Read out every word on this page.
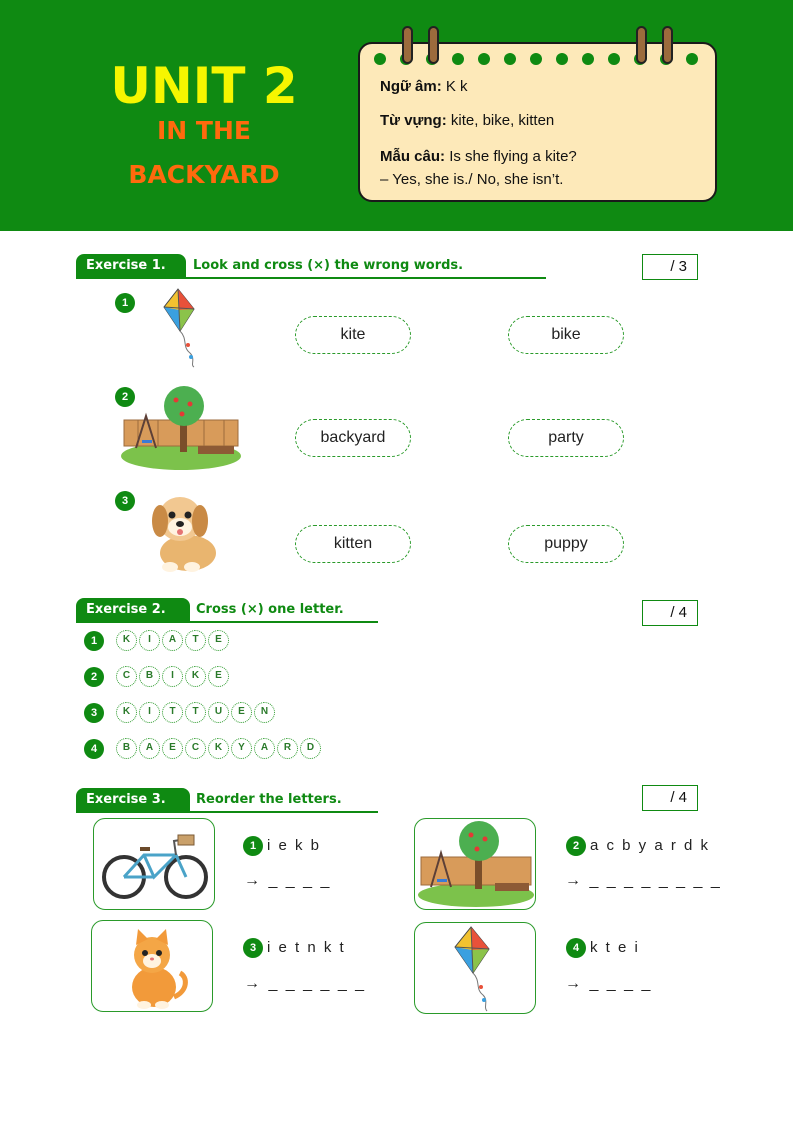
UNIT 2
IN THE
BACKYARD
Ngữ âm: K k
Từ vựng: kite, bike, kitten
Mẫu câu: Is she flying a kite?
– Yes, she is./ No, she isn’t.
Exercise 1.	Look and cross (×) the wrong words.	/ 3
1
kite	bike
2
backyard	party
3
kitten	puppy
Exercise 2.	Cross (×) one letter.	/ 4
1	K	I	A	T	E
2	C	B	I	K	E
3	K	I	T	T	U	E	N
4	B	A	E	C	K	Y	A	R	D
Exercise 3.	Reorder the letters.	/ 4
1 i e k b
→ _ _ _ _
2 a c b y a r d k
→ _ _ _ _ _ _ _ _
3 i e t n k t
→ _ _ _ _ _ _
4 k t e i
→ _ _ _ _
